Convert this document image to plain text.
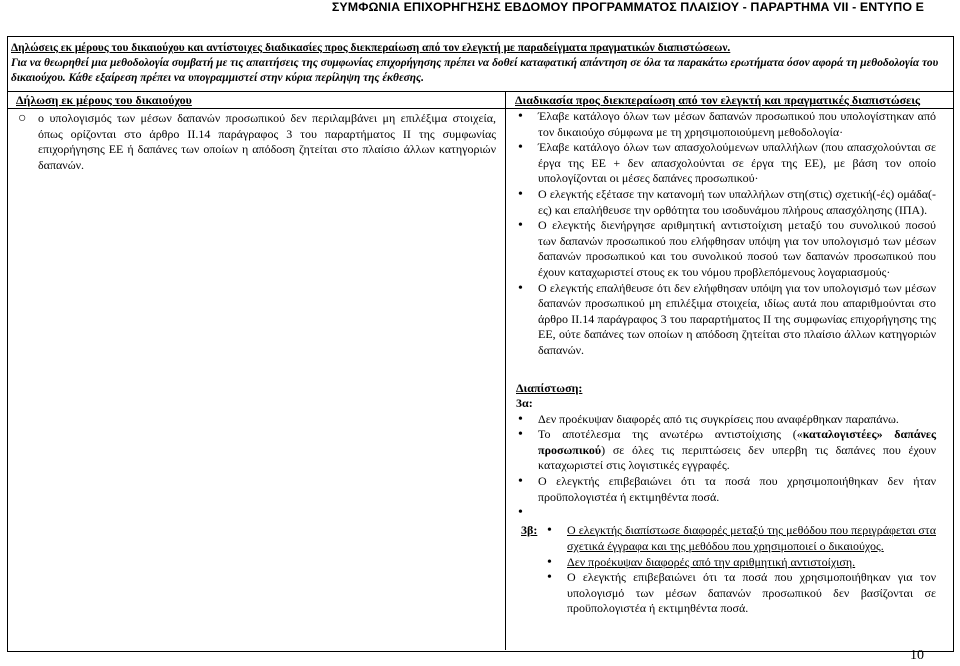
ΣΥΜΦΩΝΙΑ ΕΠΙΧΟΡΗΓΗΣΗΣ ΕΒΔΟΜΟΥ ΠΡΟΓΡΑΜΜΑΤΟΣ ΠΛΑΙΣΙΟΥ - ΠΑΡΑΡΤΗΜΑ VII - ΕΝΤΥΠΟ Ε
Δηλώσεις εκ μέρους του δικαιούχου και αντίστοιχες διαδικασίες προς διεκπεραίωση από τον ελεγκτή με παραδείγματα πραγματικών διαπιστώσεων.
Για να θεωρηθεί μια μεθοδολογία συμβατή με τις απαιτήσεις της συμφωνίας επιχορήγησης πρέπει να δοθεί καταφατική απάντηση σε όλα τα παρακάτω ερωτήματα όσον αφορά τη μεθοδολογία του δικαιούχου. Κάθε εξαίρεση πρέπει να υπογραμμιστεί στην κύρια περίληψη της έκθεσης.
Δήλωση εκ μέρους του δικαιούχου	Διαδικασία προς διεκπεραίωση από τον ελεγκτή και πραγματικές διαπιστώσεις
○ ο υπολογισμός των μέσων δαπανών προσωπικού δεν περιλαμβάνει μη επιλέξιμα στοιχεία, όπως ορίζονται στο άρθρο II.14 παράγραφος 3 του παραρτήματος II της συμφωνίας επιχορήγησης ΕΕ ή δαπάνες των οποίων η απόδοση ζητείται στο πλαίσιο άλλων κατηγοριών δαπανών.
• Έλαβε κατάλογο όλων των μέσων δαπανών προσωπικού που υπολογίστηκαν από τον δικαιούχο σύμφωνα με τη χρησιμοποιούμενη μεθοδολογία·
• Έλαβε κατάλογο όλων των απασχολούμενων υπαλλήλων (που απασχολούνται σε έργα της ΕΕ + δεν απασχολούνται σε έργα της ΕΕ), με βάση τον οποίο υπολογίζονται οι μέσες δαπάνες προσωπικού·
• Ο ελεγκτής εξέτασε την κατανομή των υπαλλήλων στη(στις) σχετική(-ές) ομάδα(-ες) και επαλήθευσε την ορθότητα του ισοδυνάμου πλήρους απασχόλησης (ΙΠΑ).
• Ο ελεγκτής διενήργησε αριθμητική αντιστοίχιση μεταξύ του συνολικού ποσού των δαπανών προσωπικού που ελήφθησαν υπόψη για τον υπολογισμό των μέσων δαπανών προσωπικού και του συνολικού ποσού των δαπανών προσωπικού που έχουν καταχωριστεί στους εκ του νόμου προβλεπόμενους λογαριασμούς·
• Ο ελεγκτής επαλήθευσε ότι δεν ελήφθησαν υπόψη για τον υπολογισμό των μέσων δαπανών προσωπικού μη επιλέξιμα στοιχεία, ιδίως αυτά που απαριθμούνται στο άρθρο II.14 παράγραφος 3 του παραρτήματος II της συμφωνίας επιχορήγησης της ΕΕ, ούτε δαπάνες των οποίων η απόδοση ζητείται στο πλαίσιο άλλων κατηγοριών δαπανών.
Διαπίστωση:
3α:
• Δεν προέκυψαν διαφορές από τις συγκρίσεις που αναφέρθηκαν παραπάνω.
• Το αποτέλεσμα της ανωτέρω αντιστοίχισης («καταλογιστέες» δαπάνες προσωπικού) σε όλες τις περιπτώσεις δεν υπερβη τις δαπάνες που έχουν καταχωριστεί στις λογιστικές εγγραφές.
• Ο ελεγκτής επιβεβαιώνει ότι τα ποσά που χρησιμοποιήθηκαν δεν ήταν προϋπολογιστέα ή εκτιμηθέντα ποσά.
•

3β: • Ο ελεγκτής διαπίστωσε διαφορές μεταξύ της μεθόδου που περιγράφεται στα σχετικά έγγραφα και της μεθόδου που χρησιμοποιεί ο δικαιούχος.
• Δεν προέκυψαν διαφορές από την αριθμητική αντιστοίχιση.
• Ο ελεγκτής επιβεβαιώνει ότι τα ποσά που χρησιμοποιήθηκαν για τον υπολογισμό των μέσων δαπανών προσωπικού δεν βασίζονται σε προϋπολογιστέα ή εκτιμηθέντα ποσά.
10
